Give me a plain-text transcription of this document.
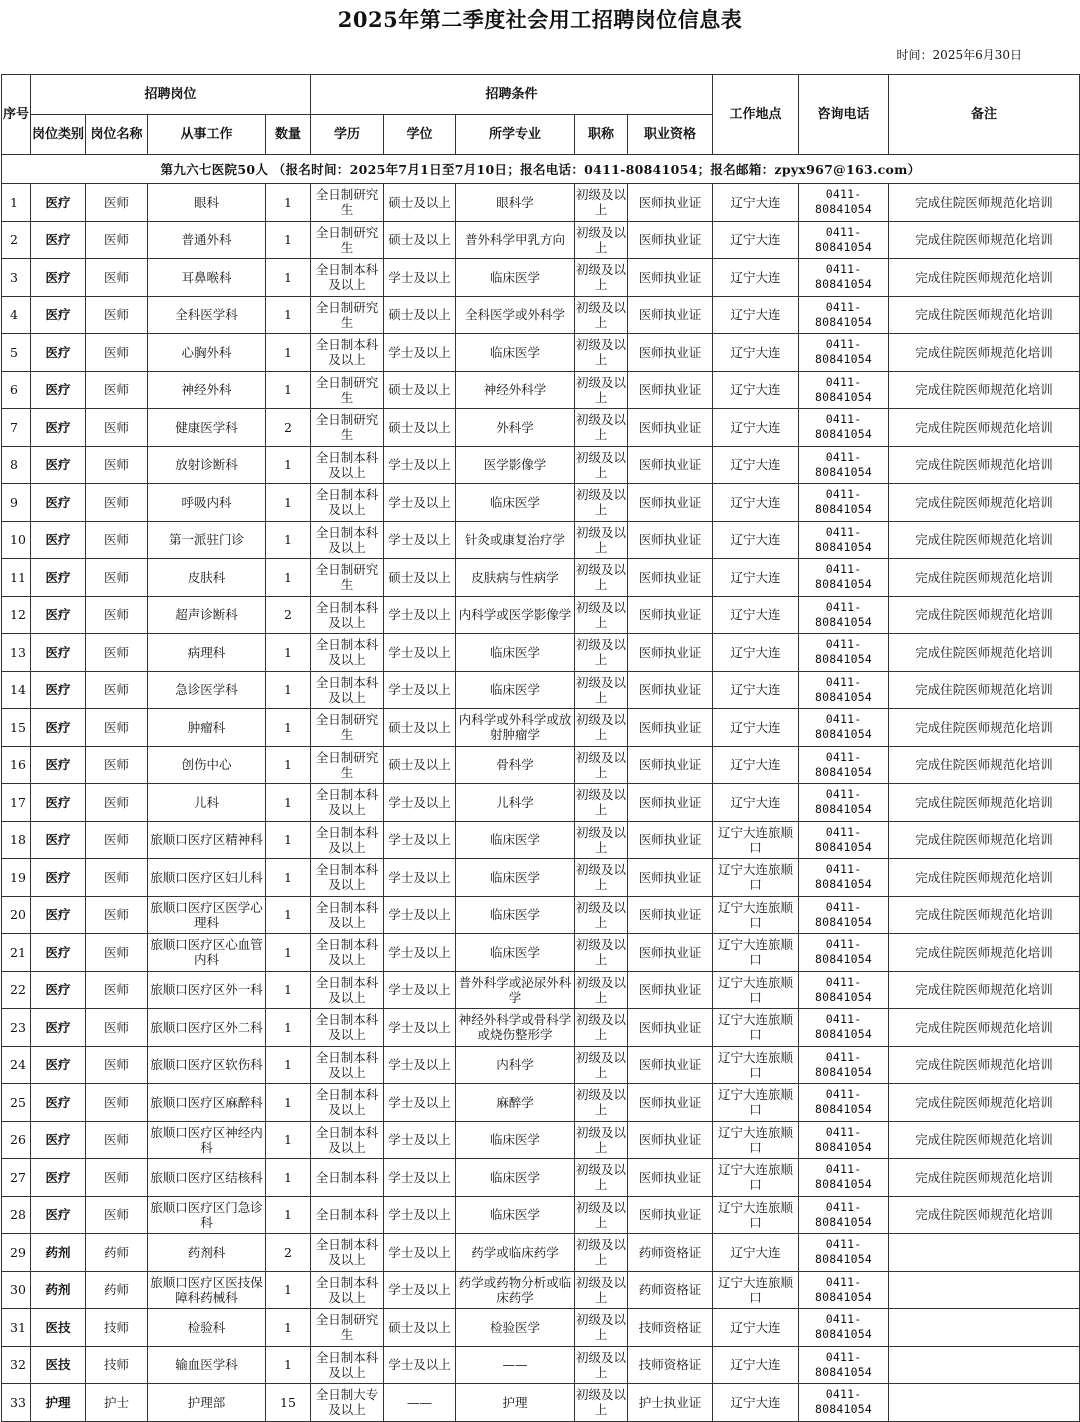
2025年第二季度社会用工招聘岗位信息表
时间：2025年6月30日
序号	招聘岗位				招聘条件					工作地点	咨询电话	备注
	岗位类别	岗位名称	从事工作	数量	学历	学位	所学专业	职称	职业资格			
第九六七医院50人 （报名时间：2025年7月1日至7月10日；报名电话：0411-80841054；报名邮箱：zpyx967@163.com）												
1	医疗	医师	眼科	1	全日制研究生	硕士及以上	眼科学	初级及以上	医师执业证	辽宁大连	0411-80841054	完成住院医师规范化培训
2	医疗	医师	普通外科	1	全日制研究生	硕士及以上	普外科学甲乳方向	初级及以上	医师执业证	辽宁大连	0411-80841054	完成住院医师规范化培训
3	医疗	医师	耳鼻喉科	1	全日制本科及以上	学士及以上	临床医学	初级及以上	医师执业证	辽宁大连	0411-80841054	完成住院医师规范化培训
4	医疗	医师	全科医学科	1	全日制研究生	硕士及以上	全科医学或外科学	初级及以上	医师执业证	辽宁大连	0411-80841054	完成住院医师规范化培训
5	医疗	医师	心胸外科	1	全日制本科及以上	学士及以上	临床医学	初级及以上	医师执业证	辽宁大连	0411-80841054	完成住院医师规范化培训
6	医疗	医师	神经外科	1	全日制研究生	硕士及以上	神经外科学	初级及以上	医师执业证	辽宁大连	0411-80841054	完成住院医师规范化培训
7	医疗	医师	健康医学科	2	全日制研究生	硕士及以上	外科学	初级及以上	医师执业证	辽宁大连	0411-80841054	完成住院医师规范化培训
8	医疗	医师	放射诊断科	1	全日制本科及以上	学士及以上	医学影像学	初级及以上	医师执业证	辽宁大连	0411-80841054	完成住院医师规范化培训
9	医疗	医师	呼吸内科	1	全日制本科及以上	学士及以上	临床医学	初级及以上	医师执业证	辽宁大连	0411-80841054	完成住院医师规范化培训
10	医疗	医师	第一派驻门诊	1	全日制本科及以上	学士及以上	针灸或康复治疗学	初级及以上	医师执业证	辽宁大连	0411-80841054	完成住院医师规范化培训
11	医疗	医师	皮肤科	1	全日制研究生	硕士及以上	皮肤病与性病学	初级及以上	医师执业证	辽宁大连	0411-80841054	完成住院医师规范化培训
12	医疗	医师	超声诊断科	2	全日制本科及以上	学士及以上	内科学或医学影像学	初级及以上	医师执业证	辽宁大连	0411-80841054	完成住院医师规范化培训
13	医疗	医师	病理科	1	全日制本科及以上	学士及以上	临床医学	初级及以上	医师执业证	辽宁大连	0411-80841054	完成住院医师规范化培训
14	医疗	医师	急诊医学科	1	全日制本科及以上	学士及以上	临床医学	初级及以上	医师执业证	辽宁大连	0411-80841054	完成住院医师规范化培训
15	医疗	医师	肿瘤科	1	全日制研究生	硕士及以上	内科学或外科学或放射肿瘤学	初级及以上	医师执业证	辽宁大连	0411-80841054	完成住院医师规范化培训
16	医疗	医师	创伤中心	1	全日制研究生	硕士及以上	骨科学	初级及以上	医师执业证	辽宁大连	0411-80841054	完成住院医师规范化培训
17	医疗	医师	儿科	1	全日制本科及以上	学士及以上	儿科学	初级及以上	医师执业证	辽宁大连	0411-80841054	完成住院医师规范化培训
18	医疗	医师	旅顺口医疗区精神科	1	全日制本科及以上	学士及以上	临床医学	初级及以上	医师执业证	辽宁大连旅顺口	0411-80841054	完成住院医师规范化培训
19	医疗	医师	旅顺口医疗区妇儿科	1	全日制本科及以上	学士及以上	临床医学	初级及以上	医师执业证	辽宁大连旅顺口	0411-80841054	完成住院医师规范化培训
20	医疗	医师	旅顺口医疗区医学心理科	1	全日制本科及以上	学士及以上	临床医学	初级及以上	医师执业证	辽宁大连旅顺口	0411-80841054	完成住院医师规范化培训
21	医疗	医师	旅顺口医疗区心血管内科	1	全日制本科及以上	学士及以上	临床医学	初级及以上	医师执业证	辽宁大连旅顺口	0411-80841054	完成住院医师规范化培训
22	医疗	医师	旅顺口医疗区外一科	1	全日制本科及以上	学士及以上	普外科学或泌尿外科学	初级及以上	医师执业证	辽宁大连旅顺口	0411-80841054	完成住院医师规范化培训
23	医疗	医师	旅顺口医疗区外二科	1	全日制本科及以上	学士及以上	神经外科学或骨科学或烧伤整形学	初级及以上	医师执业证	辽宁大连旅顺口	0411-80841054	完成住院医师规范化培训
24	医疗	医师	旅顺口医疗区软伤科	1	全日制本科及以上	学士及以上	内科学	初级及以上	医师执业证	辽宁大连旅顺口	0411-80841054	完成住院医师规范化培训
25	医疗	医师	旅顺口医疗区麻醉科	1	全日制本科及以上	学士及以上	麻醉学	初级及以上	医师执业证	辽宁大连旅顺口	0411-80841054	完成住院医师规范化培训
26	医疗	医师	旅顺口医疗区神经内科	1	全日制本科及以上	学士及以上	临床医学	初级及以上	医师执业证	辽宁大连旅顺口	0411-80841054	完成住院医师规范化培训
27	医疗	医师	旅顺口医疗区结核科	1	全日制本科	学士及以上	临床医学	初级及以上	医师执业证	辽宁大连旅顺口	0411-80841054	完成住院医师规范化培训
28	医疗	医师	旅顺口医疗区门急诊科	1	全日制本科	学士及以上	临床医学	初级及以上	医师执业证	辽宁大连旅顺口	0411-80841054	完成住院医师规范化培训
29	药剂	药师	药剂科	2	全日制本科及以上	学士及以上	药学或临床药学	初级及以上	药师资格证	辽宁大连	0411-80841054	
30	药剂	药师	旅顺口医疗区医技保障科药械科	1	全日制本科及以上	学士及以上	药学或药物分析或临床药学	初级及以上	药师资格证	辽宁大连旅顺口	0411-80841054	
31	医技	技师	检验科	1	全日制研究生	硕士及以上	检验医学	初级及以上	技师资格证	辽宁大连	0411-80841054	
32	医技	技师	输血医学科	1	全日制本科及以上	学士及以上	——	初级及以上	技师资格证	辽宁大连	0411-80841054	
33	护理	护士	护理部	15	全日制大专及以上	——	护理	初级及以上	护士执业证	辽宁大连	0411-80841054	
